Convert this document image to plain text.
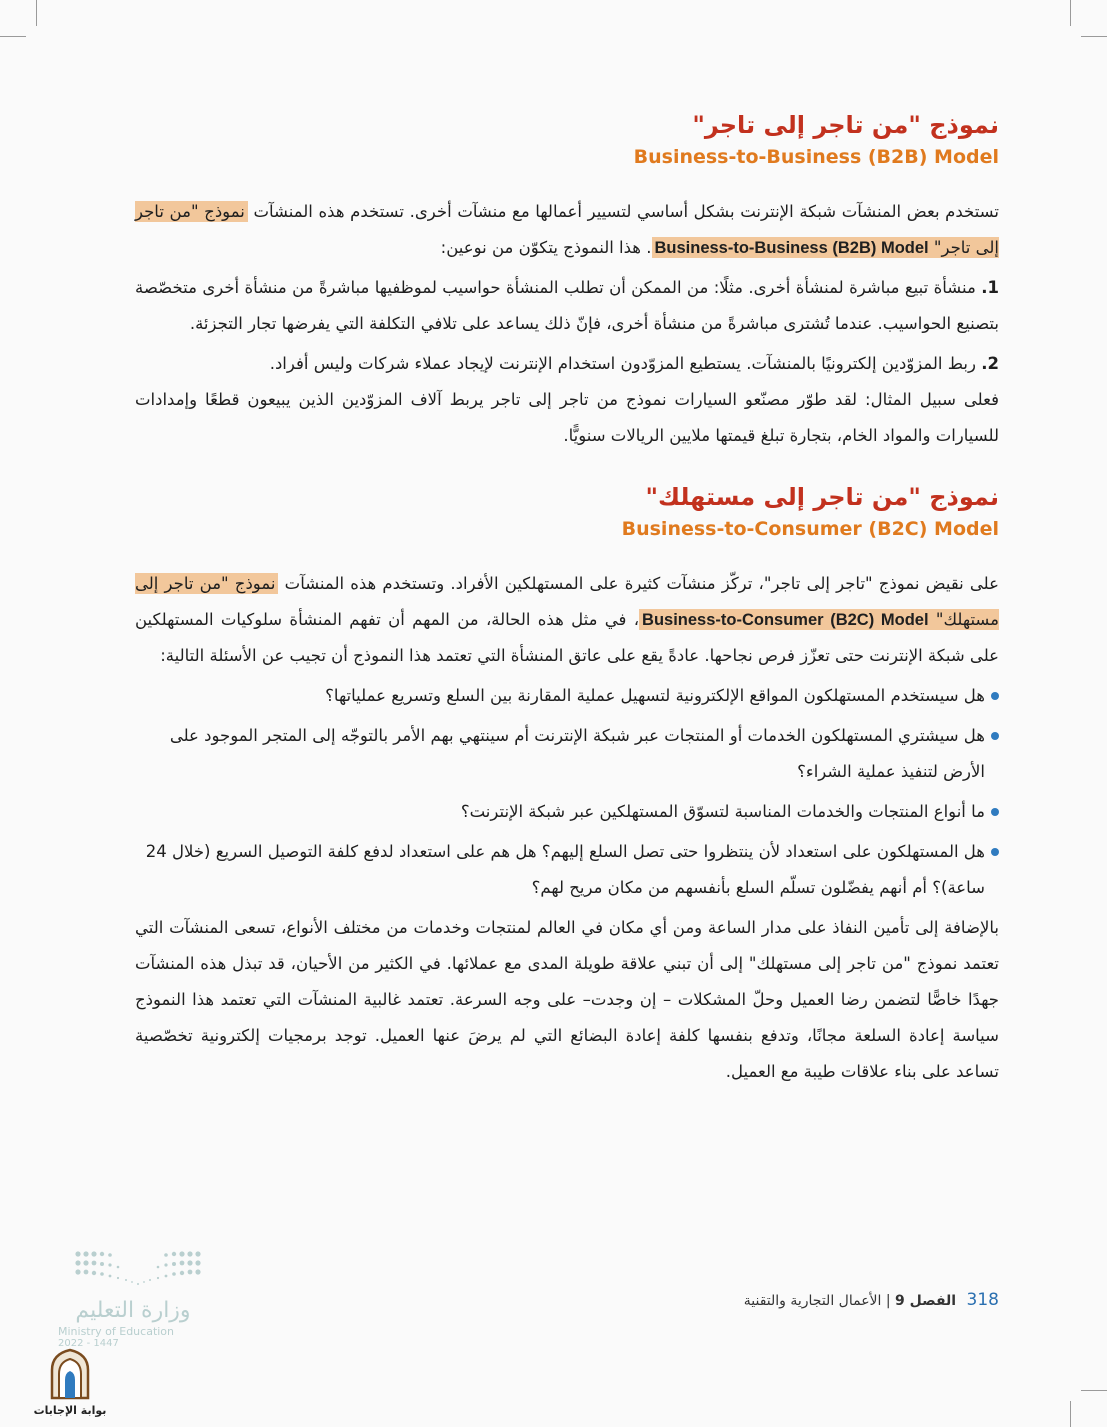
نموذج "من تاجر إلى تاجر"
Business-to-Business (B2B) Model

تستخدم بعض المنشآت شبكة الإنترنت بشكل أساسي لتسيير أعمالها مع منشآت أخرى. تستخدم هذه المنشآت نموذج "من تاجر إلى تاجر" Business-to-Business (B2B) Model. هذا النموذج يتكوّن من نوعين:

1. منشأة تبيع مباشرة لمنشأة أخرى. مثلًا: من الممكن أن تطلب المنشأة حواسيب لموظفيها مباشرةً من منشأة أخرى متخصّصة بتصنيع الحواسيب. عندما تُشترى مباشرةً من منشأة أخرى، فإنّ ذلك يساعد على تلافي التكلفة التي يفرضها تجار التجزئة.

2. ربط المزوّدين إلكترونيًا بالمنشآت. يستطيع المزوّدون استخدام الإنترنت لإيجاد عملاء شركات وليس أفراد.

فعلى سبيل المثال: لقد طوّر مصنّعو السيارات نموذج من تاجر إلى تاجر يربط آلاف المزوّدين الذين يبيعون قطعًا وإمدادات للسيارات والمواد الخام، بتجارة تبلغ قيمتها ملايين الريالات سنويًّا.

نموذج "من تاجر إلى مستهلك"
Business-to-Consumer (B2C) Model

على نقيض نموذج "تاجر إلى تاجر"، تركّز منشآت كثيرة على المستهلكين الأفراد. وتستخدم هذه المنشآت نموذج "من تاجر إلى مستهلك" Business-to-Consumer (B2C) Model، في مثل هذه الحالة، من المهم أن تفهم المنشأة سلوكيات المستهلكين على شبكة الإنترنت حتى تعزّز فرص نجاحها. عادةً يقع على عاتق المنشأة التي تعتمد هذا النموذج أن تجيب عن الأسئلة التالية:

هل سيستخدم المستهلكون المواقع الإلكترونية لتسهيل عملية المقارنة بين السلع وتسريع عملياتها؟
هل سيشتري المستهلكون الخدمات أو المنتجات عبر شبكة الإنترنت أم سينتهي بهم الأمر بالتوجّه إلى المتجر الموجود على الأرض لتنفيذ عملية الشراء؟
ما أنواع المنتجات والخدمات المناسبة لتسوّق المستهلكين عبر شبكة الإنترنت؟
هل المستهلكون على استعداد لأن ينتظروا حتى تصل السلع إليهم؟ هل هم على استعداد لدفع كلفة التوصيل السريع (خلال 24 ساعة)؟ أم أنهم يفضّلون تسلّم السلع بأنفسهم من مكان مريح لهم؟

بالإضافة إلى تأمين النفاذ على مدار الساعة ومن أي مكان في العالم لمنتجات وخدمات من مختلف الأنواع، تسعى المنشآت التي تعتمد نموذج "من تاجر إلى مستهلك" إلى أن تبني علاقة طويلة المدى مع عملائها. في الكثير من الأحيان، قد تبذل هذه المنشآت جهدًا خاصًّا لتضمن رضا العميل وحلّ المشكلات – إن وجدت– على وجه السرعة. تعتمد غالبية المنشآت التي تعتمد هذا النموذج سياسة إعادة السلعة مجانًا، وتدفع بنفسها كلفة إعادة البضائع التي لم يرضَ عنها العميل. توجد برمجيات إلكترونية تخصّصية تساعد على بناء علاقات طيبة مع العميل.

318 الفصل 9 | الأعمال التجارية والتقنية
وزارة التعليم
Ministry of Education
2022 - 1447
بوابة الإجابات
